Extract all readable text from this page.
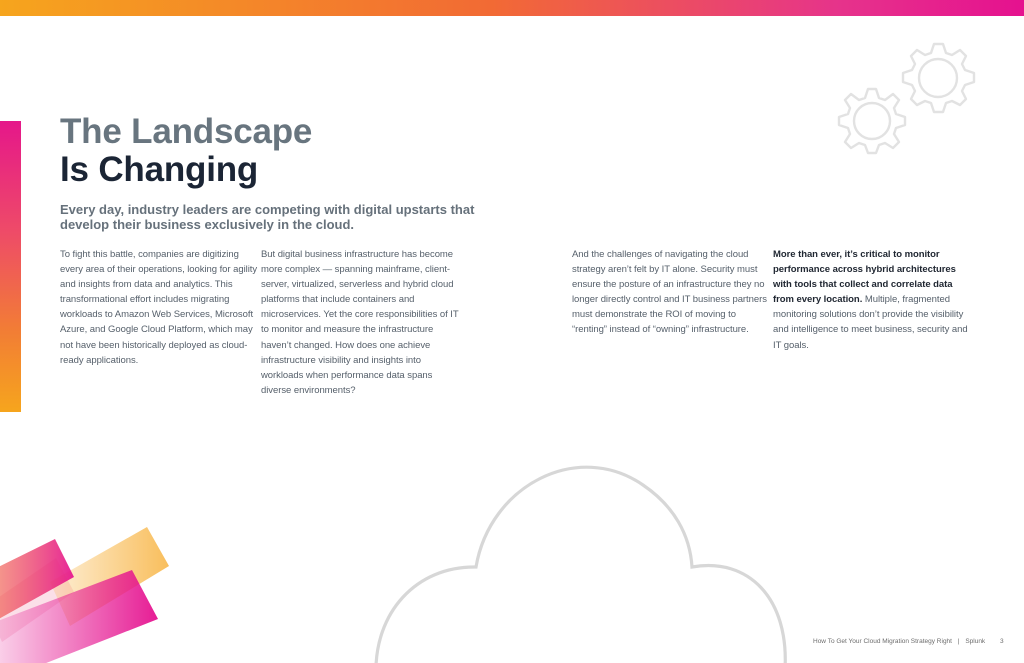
The Landscape
Is Changing

Every day, industry leaders are competing with digital upstarts that develop their business exclusively in the cloud.

To fight this battle, companies are digitizing every area of their operations, looking for agility and insights from data and analytics. This transformational effort includes migrating workloads to Amazon Web Services, Microsoft Azure, and Google Cloud Platform, which may not have been historically deployed as cloud-ready applications.

But digital business infrastructure has become more complex — spanning mainframe, client-server, virtualized, serverless and hybrid cloud platforms that include containers and microservices. Yet the core responsibilities of IT to monitor and measure the infrastructure haven’t changed. How does one achieve infrastructure visibility and insights into workloads when performance data spans diverse environments?

And the challenges of navigating the cloud strategy aren’t felt by IT alone. Security must ensure the posture of an infrastructure they no longer directly control and IT business partners must demonstrate the ROI of moving to “renting” instead of “owning” infrastructure.

More than ever, it’s critical to monitor performance across hybrid architectures with tools that collect and correlate data from every location. Multiple, fragmented monitoring solutions don’t provide the visibility and intelligence to meet business, security and IT goals.

How To Get Your Cloud Migration Strategy Right | Splunk 3
